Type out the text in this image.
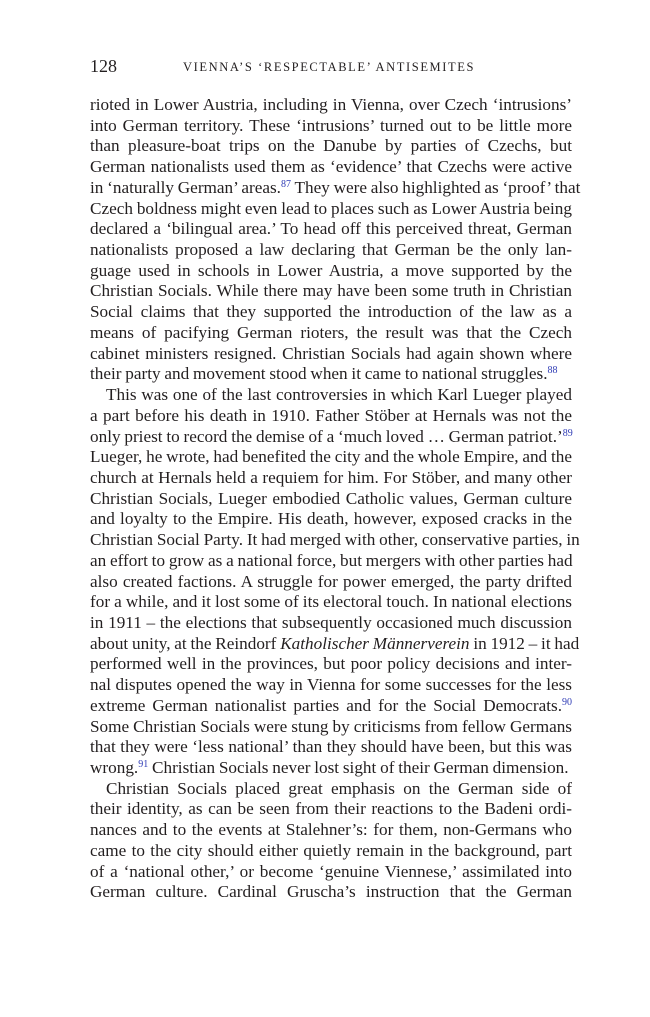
128	VIENNA’S ‘RESPECTABLE’ ANTISEMITES
rioted in Lower Austria, including in Vienna, over Czech ‘intrusions’
into German territory. These ‘intrusions’ turned out to be little more
than pleasure-boat trips on the Danube by parties of Czechs, but
German nationalists used them as ‘evidence’ that Czechs were active
in ‘naturally German’ areas.$^{87}$ They were also highlighted as ‘proof’ that
Czech boldness might even lead to places such as Lower Austria being
declared a ‘bilingual area.’ To head off this perceived threat, German
nationalists proposed a law declaring that German be the only lan-
guage used in schools in Lower Austria, a move supported by the
Christian Socials. While there may have been some truth in Christian
Social claims that they supported the introduction of the law as a
means of pacifying German rioters, the result was that the Czech
cabinet ministers resigned. Christian Socials had again shown where
their party and movement stood when it came to national struggles.$^{88}$
This was one of the last controversies in which Karl Lueger played
a part before his death in 1910. Father Stöber at Hernals was not the
only priest to record the demise of a ‘much loved … German patriot.’$^{89}$
Lueger, he wrote, had benefited the city and the whole Empire, and the
church at Hernals held a requiem for him. For Stöber, and many other
Christian Socials, Lueger embodied Catholic values, German culture
and loyalty to the Empire. His death, however, exposed cracks in the
Christian Social Party. It had merged with other, conservative parties, in
an effort to grow as a national force, but mergers with other parties had
also created factions. A struggle for power emerged, the party drifted
for a while, and it lost some of its electoral touch. In national elections
in 1911 – the elections that subsequently occasioned much discussion
about unity, at the Reindorf Katholischer Männerverein in 1912 – it had
performed well in the provinces, but poor policy decisions and inter-
nal disputes opened the way in Vienna for some successes for the less
extreme German nationalist parties and for the Social Democrats.$^{90}$
Some Christian Socials were stung by criticisms from fellow Germans
that they were ‘less national’ than they should have been, but this was
wrong.$^{91}$ Christian Socials never lost sight of their German dimension.
Christian Socials placed great emphasis on the German side of
their identity, as can be seen from their reactions to the Badeni ordi-
nances and to the events at Stalehner’s: for them, non-Germans who
came to the city should either quietly remain in the background, part
of a ‘national other,’ or become ‘genuine Viennese,’ assimilated into
German culture. Cardinal Gruscha’s instruction that the German
